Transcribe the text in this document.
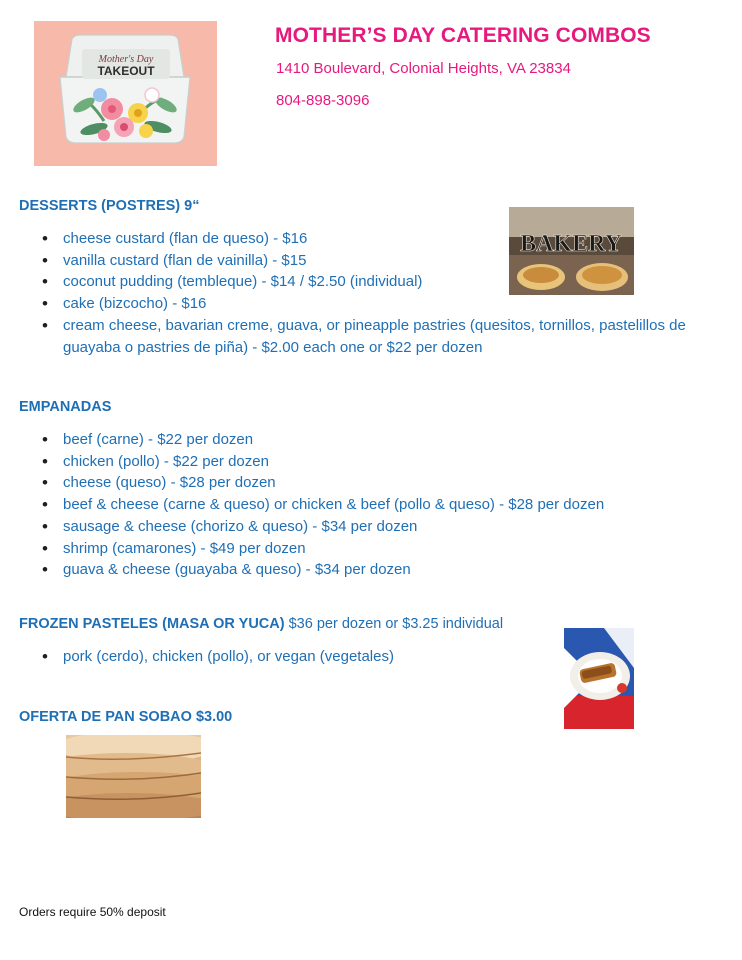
Mother's Day
TAKEOUT
MOTHER’S DAY CATERING COMBOS
1410 Boulevard, Colonial Heights, VA 23834
804-898-3096
DESSERTS (POSTRES) 9“
• cheese custard (flan de queso) - $16
• vanilla custard (flan de vainilla) - $15
• coconut pudding (tembleque) - $14 / $2.50 (individual)
• cake (bizcocho) - $16
• cream cheese, bavarian creme, guava, or pineapple pastries (quesitos, tornillos, pastelillos de guayaba o pastries de piña) - $2.00 each one or $22 per dozen
BAKERY
EMPANADAS
• beef (carne) - $22 per dozen
• chicken (pollo) - $22 per dozen
• cheese (queso) - $28 per dozen
• beef & cheese (carne & queso) or chicken & beef (pollo & queso) - $28 per dozen
• sausage & cheese (chorizo & queso) - $34 per dozen
• shrimp (camarones) - $49 per dozen
• guava & cheese (guayaba & queso) - $34 per dozen
FROZEN PASTELES (MASA OR YUCA) $36 per dozen or $3.25 individual
• pork (cerdo), chicken (pollo), or vegan (vegetales)
OFERTA DE PAN SOBAO $3.00
Orders require 50% deposit
